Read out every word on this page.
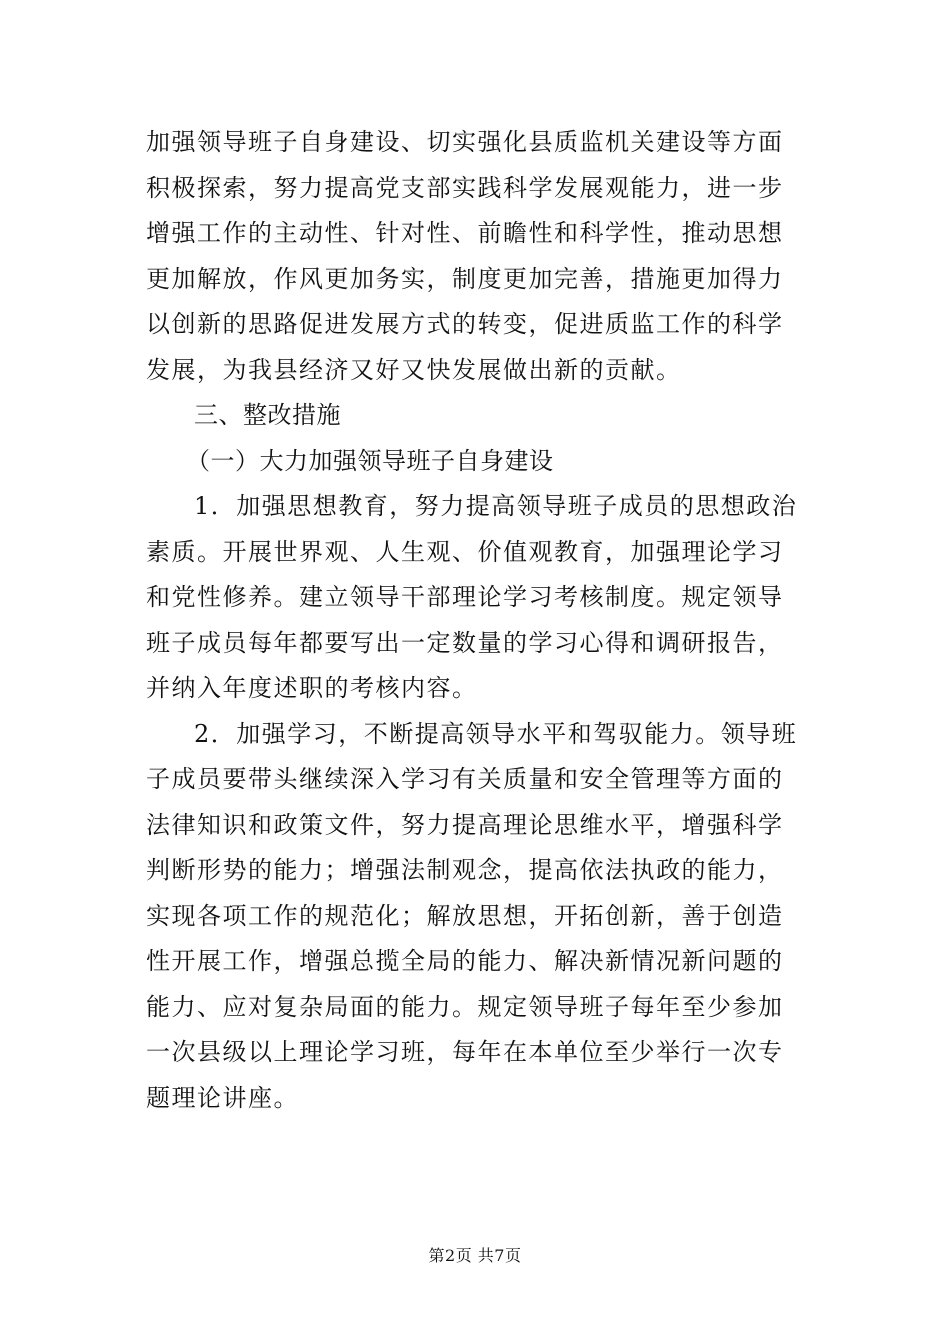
加强领导班子自身建设、切实强化县质监机关建设等方面
积极探索，努力提高党支部实践科学发展观能力，进一步
增强工作的主动性、针对性、前瞻性和科学性，推动思想
更加解放，作风更加务实，制度更加完善，措施更加得力
以创新的思路促进发展方式的转变，促进质监工作的科学
发展，为我县经济又好又快发展做出新的贡献。
三、整改措施
（一）大力加强领导班子自身建设
1．加强思想教育，努力提高领导班子成员的思想政治
素质。开展世界观、人生观、价值观教育，加强理论学习
和党性修养。建立领导干部理论学习考核制度。规定领导
班子成员每年都要写出一定数量的学习心得和调研报告，
并纳入年度述职的考核内容。
2．加强学习，不断提高领导水平和驾驭能力。领导班
子成员要带头继续深入学习有关质量和安全管理等方面的
法律知识和政策文件，努力提高理论思维水平，增强科学
判断形势的能力；增强法制观念，提高依法执政的能力，
实现各项工作的规范化；解放思想，开拓创新，善于创造
性开展工作，增强总揽全局的能力、解决新情况新问题的
能力、应对复杂局面的能力。规定领导班子每年至少参加
一次县级以上理论学习班，每年在本单位至少举行一次专
题理论讲座。
第2页 共7页
